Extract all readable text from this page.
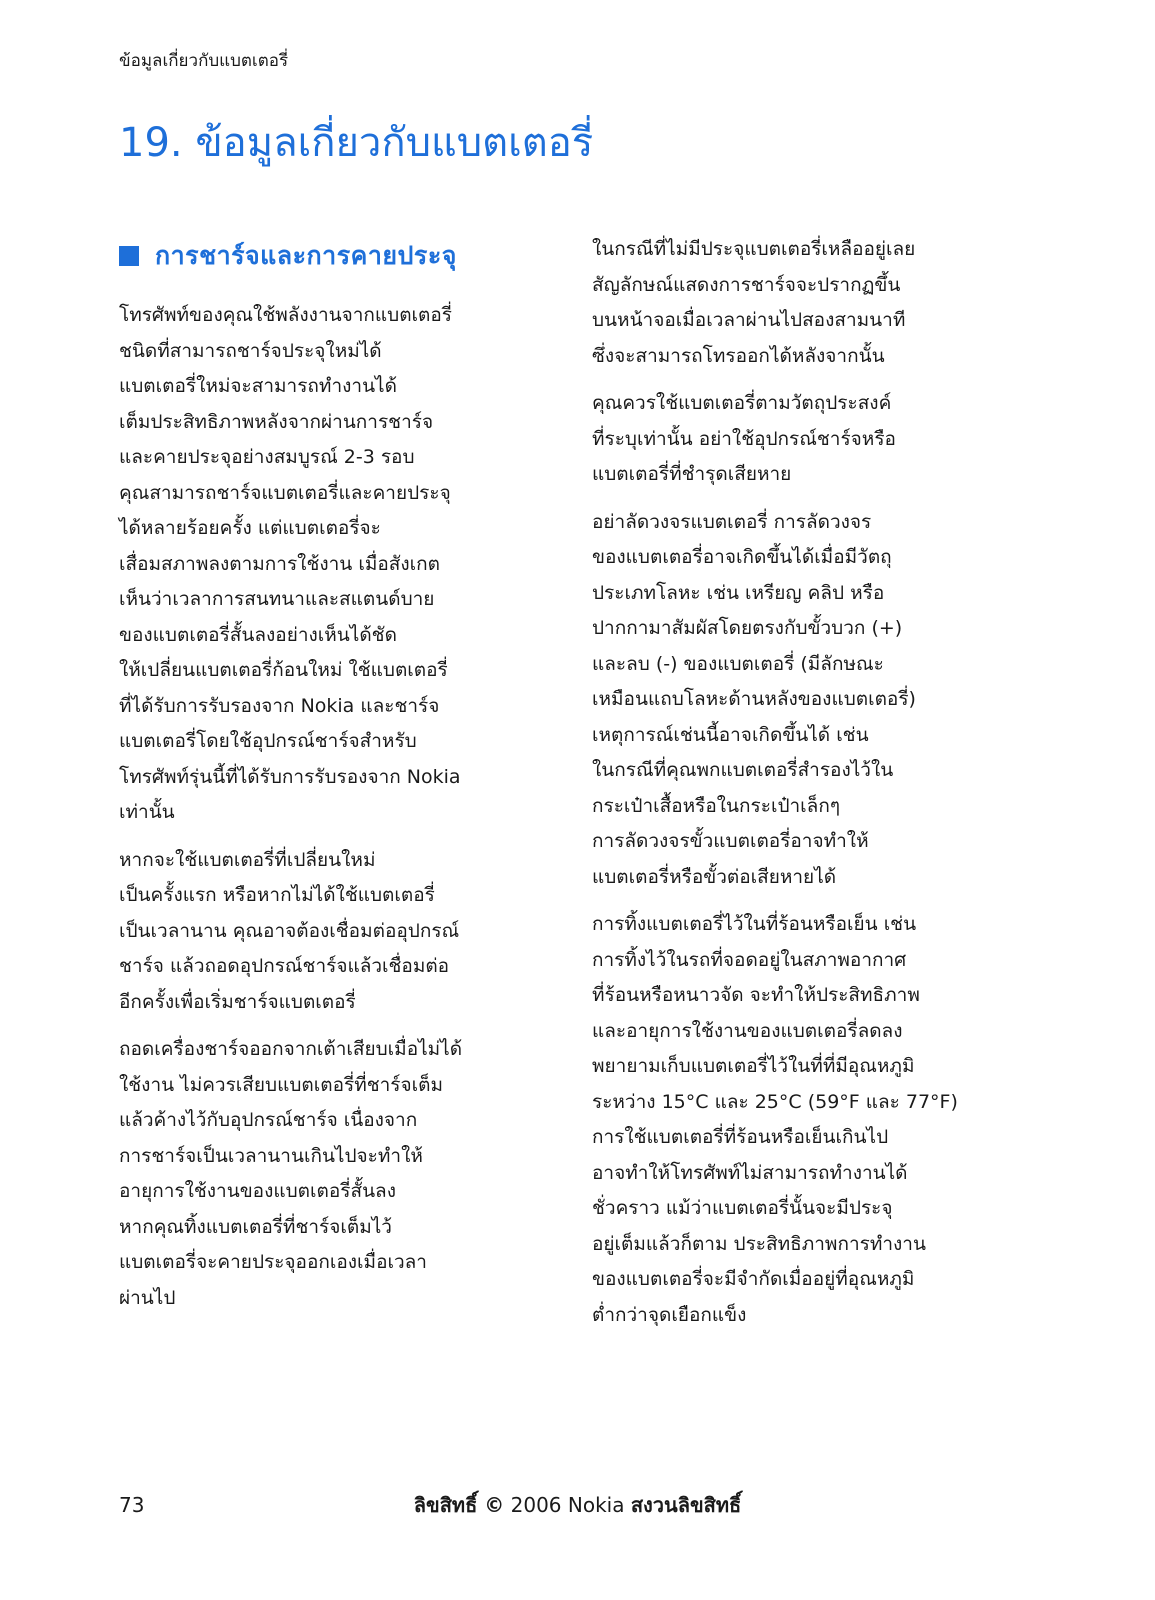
ข้อมูลเกี่ยวกับแบตเตอรี่
19. ข้อมูลเกี่ยวกับแบตเตอรี่
การชาร์จและการคายประจุ
โทรศัพท์ของคุณใช้พลังงานจากแบตเตอรี่
ชนิดที่สามารถชาร์จประจุใหม่ได้
แบตเตอรี่ใหม่จะสามารถทำงานได้
เต็มประสิทธิภาพหลังจากผ่านการชาร์จ
และคายประจุอย่างสมบูรณ์ 2-3 รอบ
คุณสามารถชาร์จแบตเตอรี่และคายประจุ
ได้หลายร้อยครั้ง แต่แบตเตอรี่จะ
เสื่อมสภาพลงตามการใช้งาน เมื่อสังเกต
เห็นว่าเวลาการสนทนาและสแตนด์บาย
ของแบตเตอรี่สั้นลงอย่างเห็นได้ชัด
ให้เปลี่ยนแบตเตอรี่ก้อนใหม่ ใช้แบตเตอรี่
ที่ได้รับการรับรองจาก Nokia และชาร์จ
แบตเตอรี่โดยใช้อุปกรณ์ชาร์จสำหรับ
โทรศัพท์รุ่นนี้ที่ได้รับการรับรองจาก Nokia
เท่านั้น
หากจะใช้แบตเตอรี่ที่เปลี่ยนใหม่
เป็นครั้งแรก หรือหากไม่ได้ใช้แบตเตอรี่
เป็นเวลานาน คุณอาจต้องเชื่อมต่ออุปกรณ์
ชาร์จ แล้วถอดอุปกรณ์ชาร์จแล้วเชื่อมต่อ
อีกครั้งเพื่อเริ่มชาร์จแบตเตอรี่
ถอดเครื่องชาร์จออกจากเต้าเสียบเมื่อไม่ได้
ใช้งาน ไม่ควรเสียบแบตเตอรี่ที่ชาร์จเต็ม
แล้วค้างไว้กับอุปกรณ์ชาร์จ เนื่องจาก
การชาร์จเป็นเวลานานเกินไปจะทำให้
อายุการใช้งานของแบตเตอรี่สั้นลง
หากคุณทิ้งแบตเตอรี่ที่ชาร์จเต็มไว้
แบตเตอรี่จะคายประจุออกเองเมื่อเวลา
ผ่านไป
ในกรณีที่ไม่มีประจุแบตเตอรี่เหลืออยู่เลย
สัญลักษณ์แสดงการชาร์จจะปรากฏขึ้น
บนหน้าจอเมื่อเวลาผ่านไปสองสามนาที
ซึ่งจะสามารถโทรออกได้หลังจากนั้น
คุณควรใช้แบตเตอรี่ตามวัตถุประสงค์
ที่ระบุเท่านั้น อย่าใช้อุปกรณ์ชาร์จหรือ
แบตเตอรี่ที่ชำรุดเสียหาย
อย่าลัดวงจรแบตเตอรี่ การลัดวงจร
ของแบตเตอรี่อาจเกิดขึ้นได้เมื่อมีวัตถุ
ประเภทโลหะ เช่น เหรียญ คลิป หรือ
ปากกามาสัมผัสโดยตรงกับขั้วบวก (+)
และลบ (-) ของแบตเตอรี่ (มีลักษณะ
เหมือนแถบโลหะด้านหลังของแบตเตอรี่)
เหตุการณ์เช่นนี้อาจเกิดขึ้นได้ เช่น
ในกรณีที่คุณพกแบตเตอรี่สำรองไว้ใน
กระเป๋าเสื้อหรือในกระเป๋าเล็กๆ
การลัดวงจรขั้วแบตเตอรี่อาจทำให้
แบตเตอรี่หรือขั้วต่อเสียหายได้
การทิ้งแบตเตอรี่ไว้ในที่ร้อนหรือเย็น เช่น
การทิ้งไว้ในรถที่จอดอยู่ในสภาพอากาศ
ที่ร้อนหรือหนาวจัด จะทำให้ประสิทธิภาพ
และอายุการใช้งานของแบตเตอรี่ลดลง
พยายามเก็บแบตเตอรี่ไว้ในที่ที่มีอุณหภูมิ
ระหว่าง 15°C และ 25°C (59°F และ 77°F)
การใช้แบตเตอรี่ที่ร้อนหรือเย็นเกินไป
อาจทำให้โทรศัพท์ไม่สามารถทำงานได้
ชั่วคราว แม้ว่าแบตเตอรี่นั้นจะมีประจุ
อยู่เต็มแล้วก็ตาม ประสิทธิภาพการทำงาน
ของแบตเตอรี่จะมีจำกัดเมื่ออยู่ที่อุณหภูมิ
ต่ำกว่าจุดเยือกแข็ง
73	ลิขสิทธิ์ © 2006 Nokia สงวนลิขสิทธิ์
